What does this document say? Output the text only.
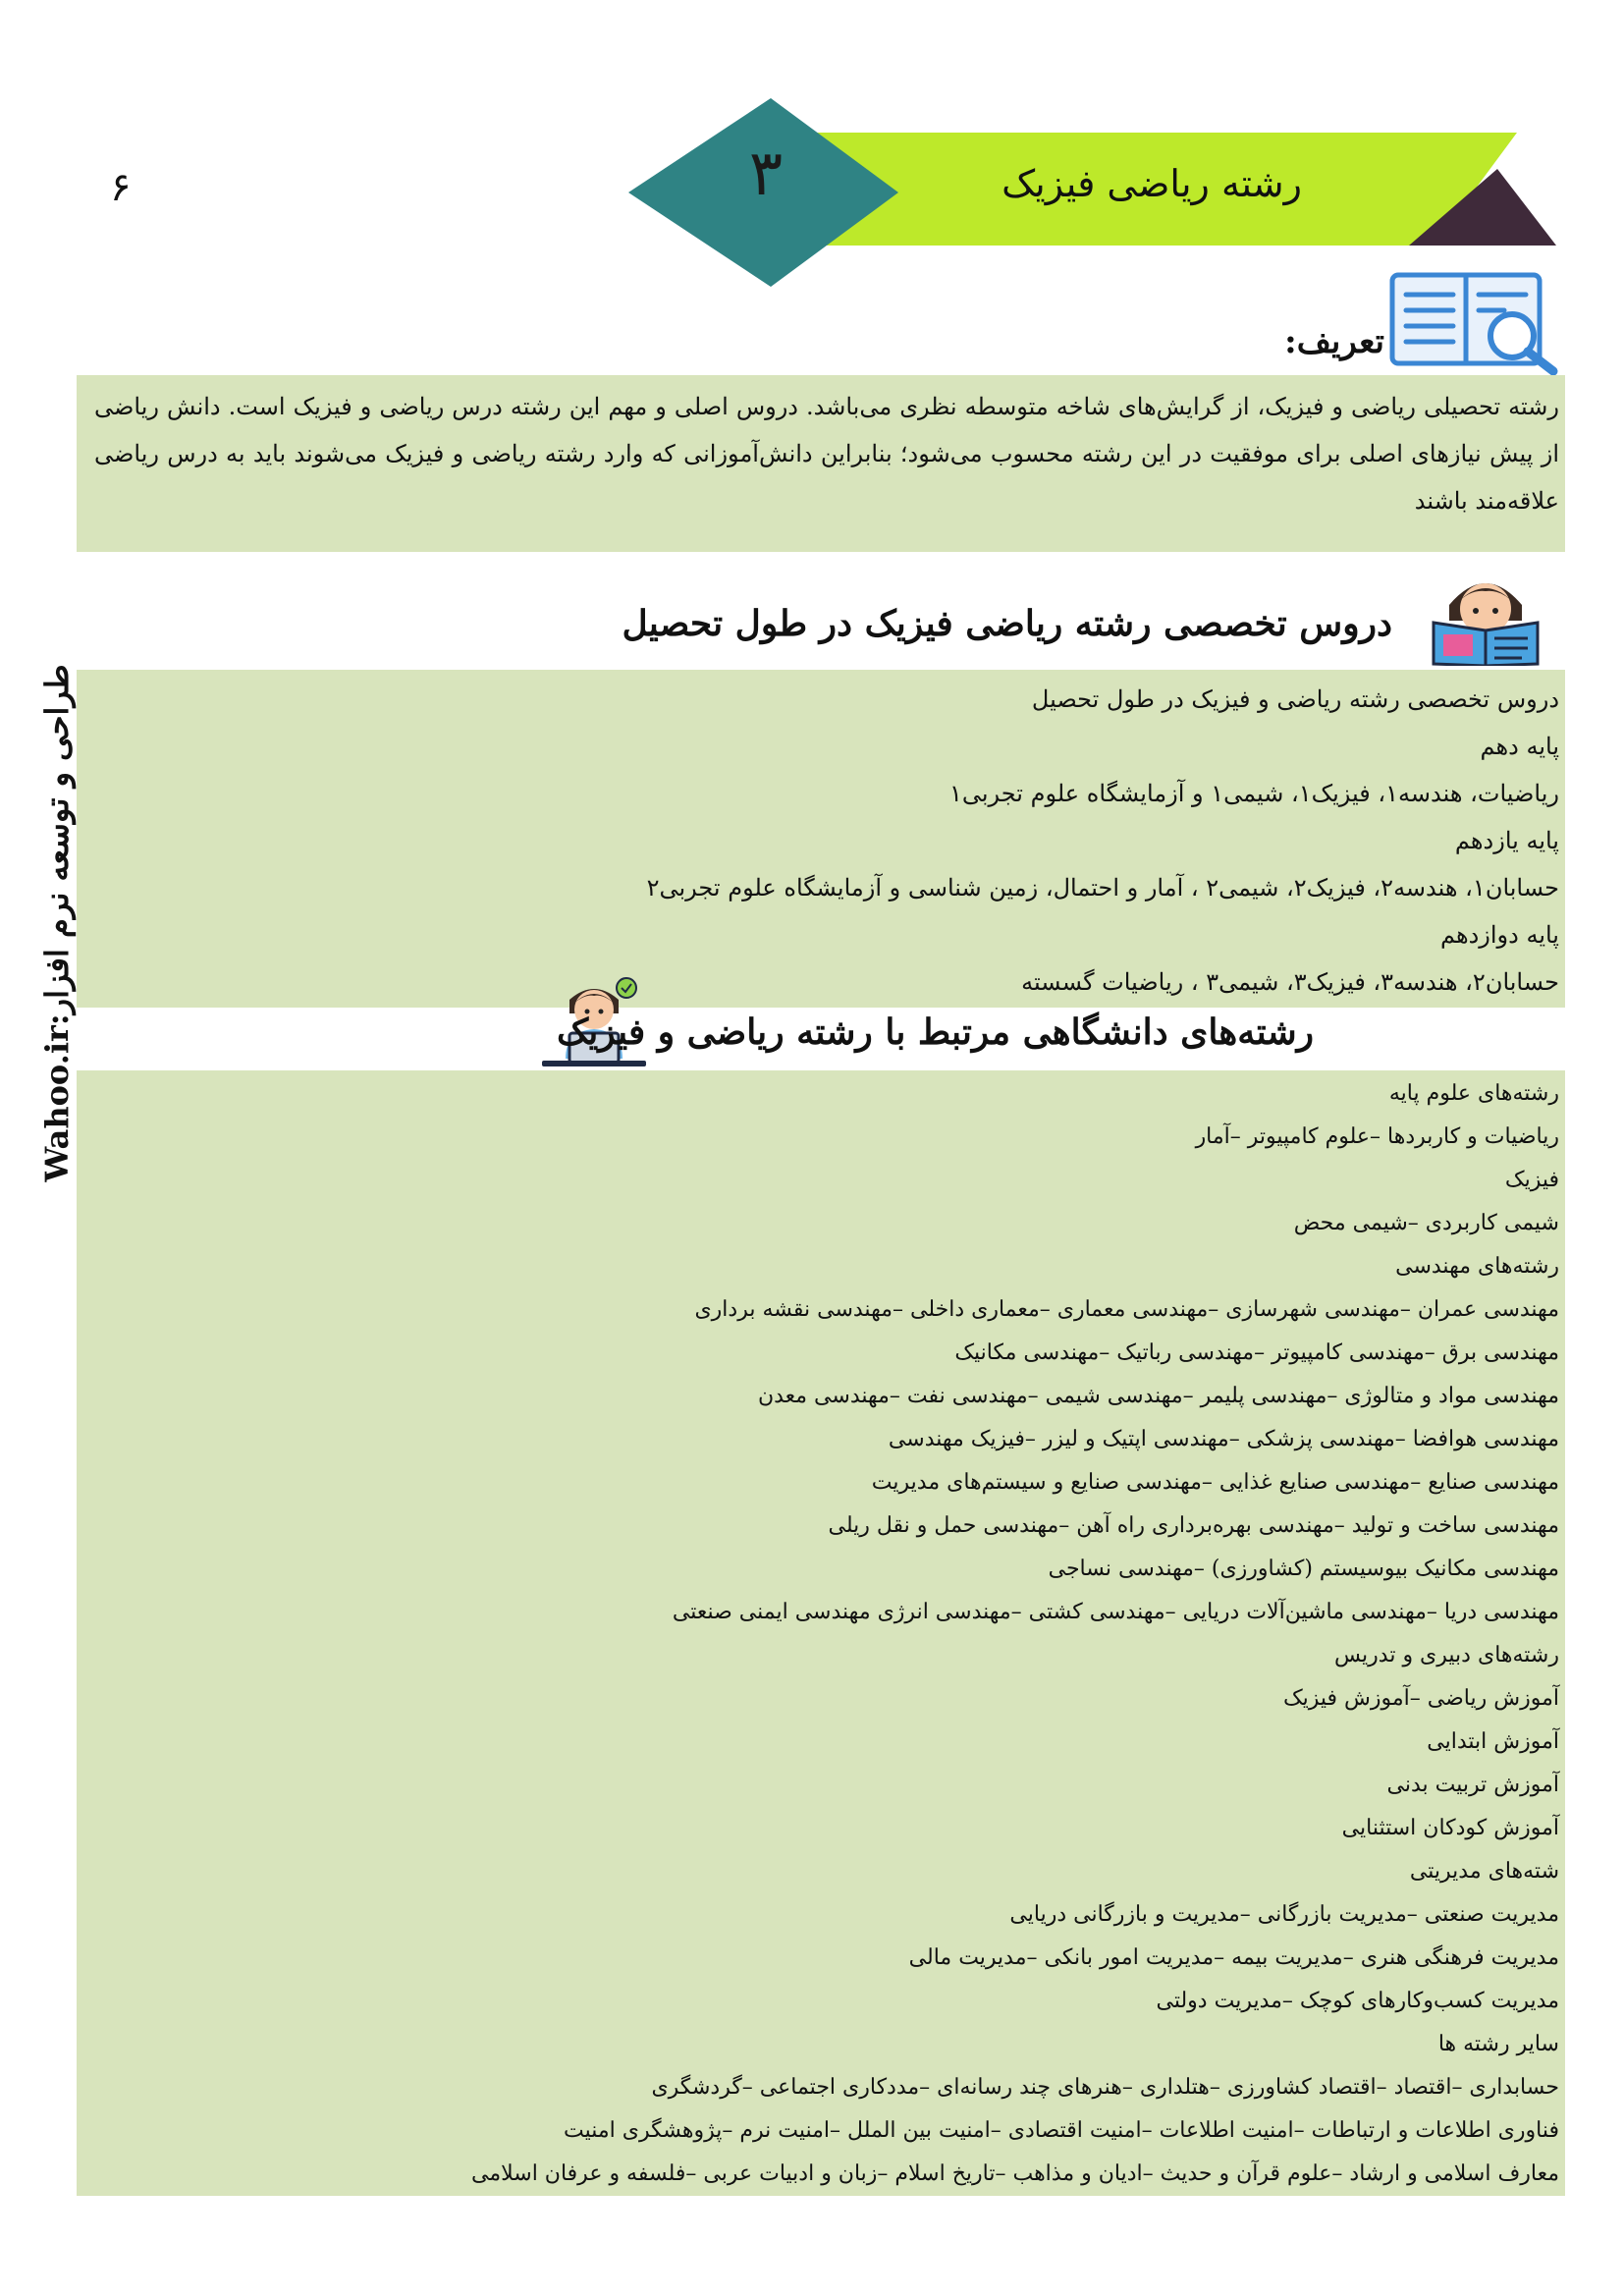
۶	۳	رشته ریاضی فیزیک
تعریف:
رشته تحصیلی ریاضی و فیزیک، از گرایش‌های شاخه متوسطه نظری می‌باشد. دروس اصلی و مهم این رشته درس ریاضی و فیزیک است. دانش ریاضی از پیش نیازهای اصلی برای موفقیت در این رشته محسوب می‌شود؛ بنابراین دانش‌آموزانی که وارد رشته ریاضی و فیزیک می‌شوند باید به درس ریاضی علاقه‌مند باشند
دروس تخصصی رشته ریاضی فیزیک در طول تحصیل
دروس تخصصی رشته ریاضی و فیزیک در طول تحصیل
پایه دهم
ریاضیات، هندسه۱، فیزیک۱، شیمی۱ و آزمایشگاه علوم تجربی۱
پایه یازدهم
حسابان۱، هندسه۲، فیزیک۲، شیمی۲ ، آمار و احتمال، زمین شناسی و آزمایشگاه علوم تجربی۲
پایه دوازدهم
حسابان۲، هندسه۳، فیزیک۳، شیمی۳ ، ریاضیات گسسته
رشته‌های دانشگاهی مرتبط با رشته ریاضی و فیزیک
رشته‌های علوم پایه
ریاضیات و کاربردها –علوم کامپیوتر –آمار
فیزیک
شیمی کاربردی –شیمی محض
رشته‌های مهندسی
مهندسی عمران –مهندسی شهرسازی –مهندسی معماری –معماری داخلی –مهندسی نقشه برداری
مهندسی برق –مهندسی کامپیوتر –مهندسی رباتیک –مهندسی مکانیک
مهندسی مواد و متالوژی –مهندسی پلیمر –مهندسی شیمی –مهندسی نفت –مهندسی معدن
مهندسی هوافضا –مهندسی پزشکی –مهندسی اپتیک و لیزر –فیزیک مهندسی
مهندسی صنایع –مهندسی صنایع غذایی –مهندسی صنایع و سیستم‌های مدیریت
مهندسی ساخت و تولید –مهندسی بهره‌برداری راه آهن –مهندسی حمل و نقل ریلی
مهندسی مکانیک بیوسیستم (کشاورزی) –مهندسی نساجی
مهندسی دریا –مهندسی ماشین‌آلات دریایی –مهندسی کشتی –مهندسی انرژی مهندسی ایمنی صنعتی
رشته‌های دبیری و تدریس
آموزش ریاضی –آموزش فیزیک
آموزش ابتدایی
آموزش تربیت بدنی
آموزش کودکان استثنایی
شته‌های مدیریتی
مدیریت صنعتی –مدیریت بازرگانی –مدیریت و بازرگانی دریایی
مدیریت فرهنگی هنری –مدیریت بیمه –مدیریت امور بانکی –مدیریت مالی
مدیریت کسب‌وکارهای کوچک –مدیریت دولتی
سایر رشته ها
حسابداری –اقتصاد –اقتصاد کشاورزی –هتلداری –هنرهای چند رسانه‌ای –مددکاری اجتماعی –گردشگری
فناوری اطلاعات و ارتباطات –امنیت اطلاعات –امنیت اقتصادی –امنیت بین الملل –امنیت نرم –پژوهشگری امنیت
معارف اسلامی و ارشاد –علوم قرآن و حدیث –ادیان و مذاهب –تاریخ اسلام –زبان و ادبیات عربی –فلسفه و عرفان اسلامی
Wahoo.ir:طراحی و توسعه نرم افزار
